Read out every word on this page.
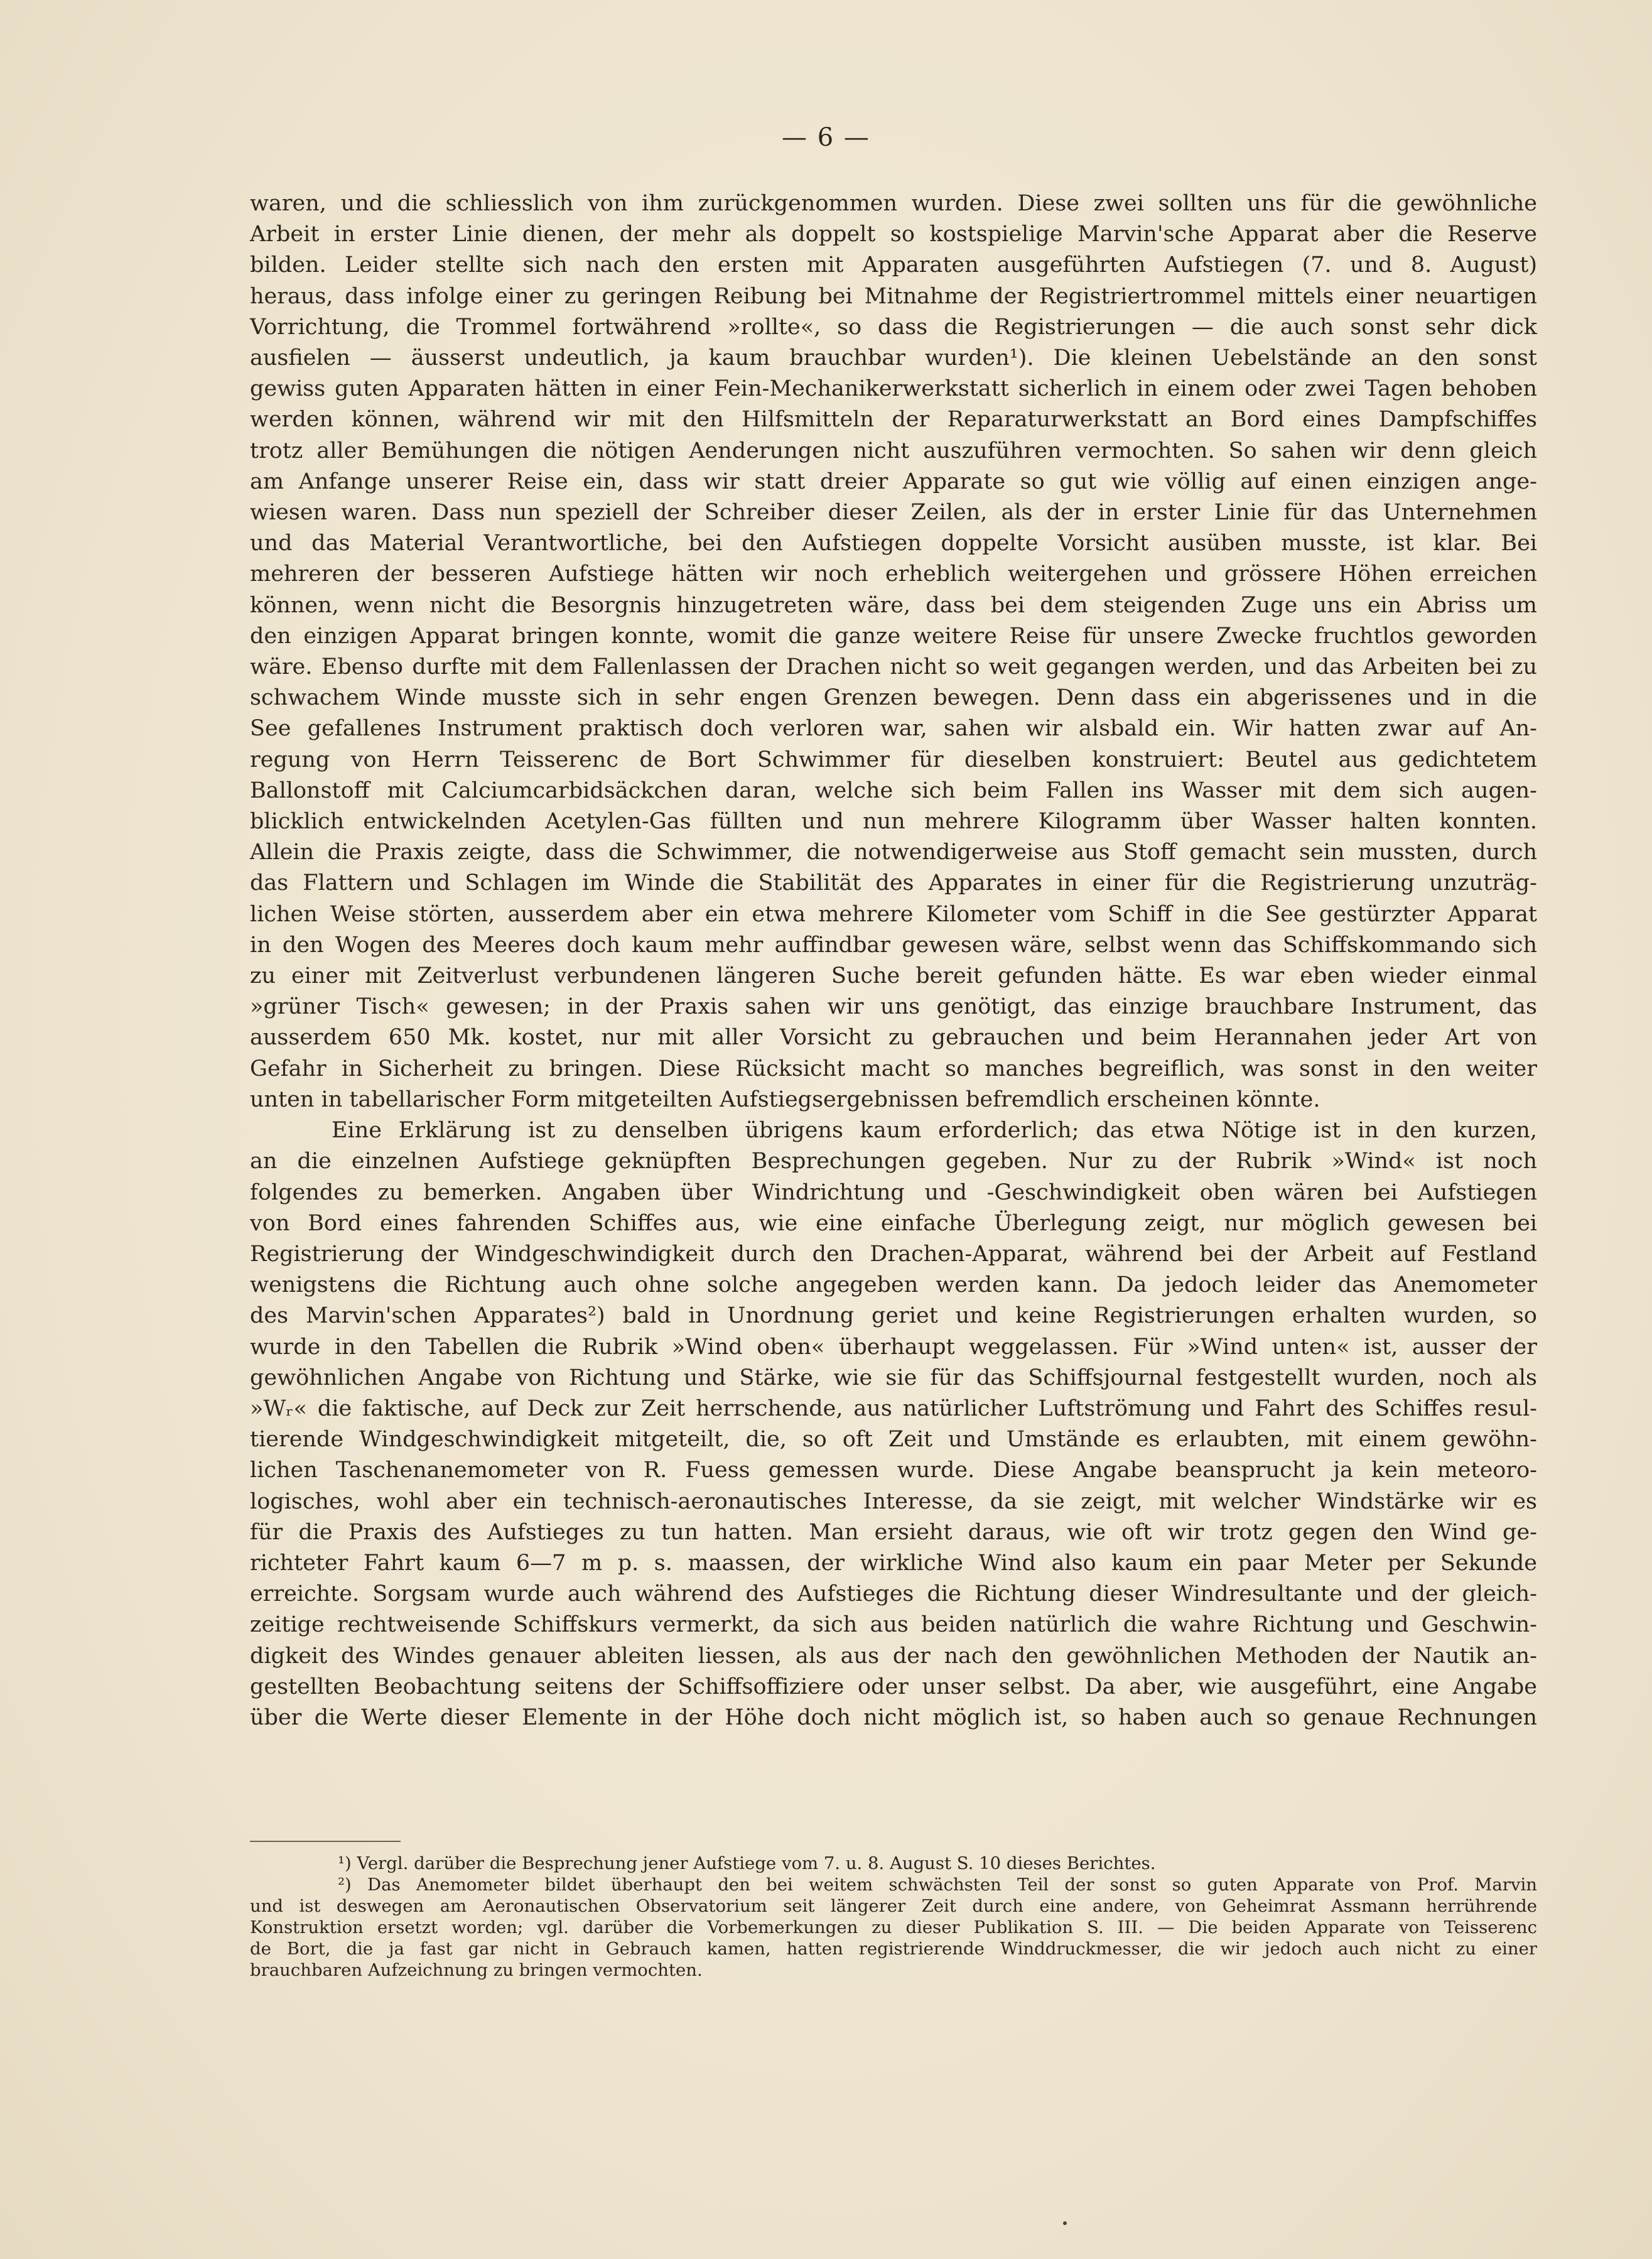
— 6 —
waren, und die schliesslich von ihm zurückgenommen wurden. Diese zwei sollten uns für die gewöhnliche
Arbeit in erster Linie dienen, der mehr als doppelt so kostspielige Marvin'sche Apparat aber die Reserve
bilden. Leider stellte sich nach den ersten mit Apparaten ausgeführten Aufstiegen (7. und 8. August)
heraus, dass infolge einer zu geringen Reibung bei Mitnahme der Registriertrommel mittels einer neuartigen
Vorrichtung, die Trommel fortwährend »rollte«, so dass die Registrierungen — die auch sonst sehr dick
ausfielen — äusserst undeutlich, ja kaum brauchbar wurden¹). Die kleinen Uebelstände an den sonst
gewiss guten Apparaten hätten in einer Fein-Mechanikerwerkstatt sicherlich in einem oder zwei Tagen behoben
werden können, während wir mit den Hilfsmitteln der Reparaturwerkstatt an Bord eines Dampfschiffes
trotz aller Bemühungen die nötigen Aenderungen nicht auszuführen vermochten. So sahen wir denn gleich
am Anfange unserer Reise ein, dass wir statt dreier Apparate so gut wie völlig auf einen einzigen ange-
wiesen waren. Dass nun speziell der Schreiber dieser Zeilen, als der in erster Linie für das Unternehmen
und das Material Verantwortliche, bei den Aufstiegen doppelte Vorsicht ausüben musste, ist klar. Bei
mehreren der besseren Aufstiege hätten wir noch erheblich weitergehen und grössere Höhen erreichen
können, wenn nicht die Besorgnis hinzugetreten wäre, dass bei dem steigenden Zuge uns ein Abriss um
den einzigen Apparat bringen konnte, womit die ganze weitere Reise für unsere Zwecke fruchtlos geworden
wäre. Ebenso durfte mit dem Fallenlassen der Drachen nicht so weit gegangen werden, und das Arbeiten bei zu
schwachem Winde musste sich in sehr engen Grenzen bewegen. Denn dass ein abgerissenes und in die
See gefallenes Instrument praktisch doch verloren war, sahen wir alsbald ein. Wir hatten zwar auf An-
regung von Herrn Teisserenc de Bort Schwimmer für dieselben konstruiert: Beutel aus gedichtetem
Ballonstoff mit Calciumcarbidsäckchen daran, welche sich beim Fallen ins Wasser mit dem sich augen-
blicklich entwickelnden Acetylen-Gas füllten und nun mehrere Kilogramm über Wasser halten konnten.
Allein die Praxis zeigte, dass die Schwimmer, die notwendigerweise aus Stoff gemacht sein mussten, durch
das Flattern und Schlagen im Winde die Stabilität des Apparates in einer für die Registrierung unzuträg-
lichen Weise störten, ausserdem aber ein etwa mehrere Kilometer vom Schiff in die See gestürzter Apparat
in den Wogen des Meeres doch kaum mehr auffindbar gewesen wäre, selbst wenn das Schiffskommando sich
zu einer mit Zeitverlust verbundenen längeren Suche bereit gefunden hätte. Es war eben wieder einmal
»grüner Tisch« gewesen; in der Praxis sahen wir uns genötigt, das einzige brauchbare Instrument, das
ausserdem 650 Mk. kostet, nur mit aller Vorsicht zu gebrauchen und beim Herannahen jeder Art von
Gefahr in Sicherheit zu bringen. Diese Rücksicht macht so manches begreiflich, was sonst in den weiter
unten in tabellarischer Form mitgeteilten Aufstiegsergebnissen befremdlich erscheinen könnte.
Eine Erklärung ist zu denselben übrigens kaum erforderlich; das etwa Nötige ist in den kurzen,
an die einzelnen Aufstiege geknüpften Besprechungen gegeben. Nur zu der Rubrik »Wind« ist noch
folgendes zu bemerken. Angaben über Windrichtung und -Geschwindigkeit oben wären bei Aufstiegen
von Bord eines fahrenden Schiffes aus, wie eine einfache Überlegung zeigt, nur möglich gewesen bei
Registrierung der Windgeschwindigkeit durch den Drachen-Apparat, während bei der Arbeit auf Festland
wenigstens die Richtung auch ohne solche angegeben werden kann. Da jedoch leider das Anemometer
des Marvin'schen Apparates²) bald in Unordnung geriet und keine Registrierungen erhalten wurden, so
wurde in den Tabellen die Rubrik »Wind oben« überhaupt weggelassen. Für »Wind unten« ist, ausser der
gewöhnlichen Angabe von Richtung und Stärke, wie sie für das Schiffsjournal festgestellt wurden, noch als
»Wᵣ« die faktische, auf Deck zur Zeit herrschende, aus natürlicher Luftströmung und Fahrt des Schiffes resul-
tierende Windgeschwindigkeit mitgeteilt, die, so oft Zeit und Umstände es erlaubten, mit einem gewöhn-
lichen Taschenanemometer von R. Fuess gemessen wurde. Diese Angabe beansprucht ja kein meteoro-
logisches, wohl aber ein technisch-aeronautisches Interesse, da sie zeigt, mit welcher Windstärke wir es
für die Praxis des Aufstieges zu tun hatten. Man ersieht daraus, wie oft wir trotz gegen den Wind ge-
richteter Fahrt kaum 6—7 m p. s. maassen, der wirkliche Wind also kaum ein paar Meter per Sekunde
erreichte. Sorgsam wurde auch während des Aufstieges die Richtung dieser Windresultante und der gleich-
zeitige rechtweisende Schiffskurs vermerkt, da sich aus beiden natürlich die wahre Richtung und Geschwin-
digkeit des Windes genauer ableiten liessen, als aus der nach den gewöhnlichen Methoden der Nautik an-
gestellten Beobachtung seitens der Schiffsoffiziere oder unser selbst. Da aber, wie ausgeführt, eine Angabe
über die Werte dieser Elemente in der Höhe doch nicht möglich ist, so haben auch so genaue Rechnungen
¹) Vergl. darüber die Besprechung jener Aufstiege vom 7. u. 8. August S. 10 dieses Berichtes.
²) Das Anemometer bildet überhaupt den bei weitem schwächsten Teil der sonst so guten Apparate von Prof. Marvin
und ist deswegen am Aeronautischen Observatorium seit längerer Zeit durch eine andere, von Geheimrat Assmann herrührende
Konstruktion ersetzt worden; vgl. darüber die Vorbemerkungen zu dieser Publikation S. III. — Die beiden Apparate von Teisserenc
de Bort, die ja fast gar nicht in Gebrauch kamen, hatten registrierende Winddruckmesser, die wir jedoch auch nicht zu einer
brauchbaren Aufzeichnung zu bringen vermochten.
